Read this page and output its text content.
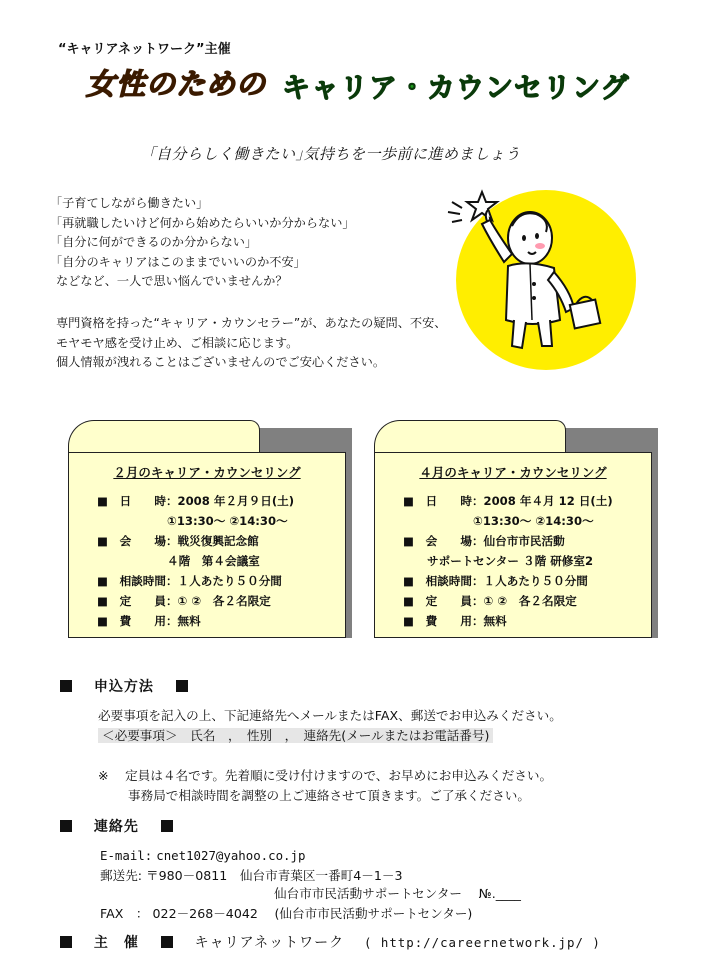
“キャリアネットワーク”主催
女性のための キャリア・カウンセリング
｢自分らしく働きたい｣気持ちを一歩前に進めましょう
｢子育てしながら働きたい｣
｢再就職したいけど何から始めたらいいか分からない｣
｢自分に何ができるのか分からない｣
｢自分のキャリアはこのままでいいのか不安｣
などなど、一人で思い悩んでいませんか？
専門資格を持った“キャリア・カウンセラー”が、あなたの疑問、不安、
モヤモヤ感を受け止め、ご相談に応じます。
個人情報が洩れることはございませんのでご安心ください。
２月のキャリア・カウンセリング
■　日　　時：2008 年２月９日(土)
①13:30～ ②14:30～
■　会　　場：戦災復興記念館
４階　第４会議室
■　相談時間：１人あたり５０分間
■　定　　員：① ②　各２名限定
■　費　　用：無料
４月のキャリア・カウンセリング
■　日　　時：2008 年４月 12 日(土)
①13:30～ ②14:30～
■　会　　場：仙台市市民活動
サポートセンター ３階 研修室2
■　相談時間：１人あたり５０分間
■　定　　員：① ②　各２名限定
■　費　　用：無料
申込方法
必要事項を記入の上、下記連絡先へメールまたはFAX、郵送でお申込みください。
＜必要事項＞　氏名　，　性別　，　連絡先(メールまたはお電話番号)
※　 定員は４名です。先着順に受け付けますので、お早めにお申込みください。
事務局で相談時間を調整の上ご連絡させて頂きます。ご了承ください。
連絡先
E-mail: cnet1027@yahoo.co.jp
郵送先: 〒980－0811　仙台市青葉区一番町4－1－3
仙台市市民活動サポートセンター　 №.____
FAX　： 022－268－4042　 (仙台市市民活動サポートセンター)
主　催	キャリアネットワーク ( http://careernetwork.jp/ )
